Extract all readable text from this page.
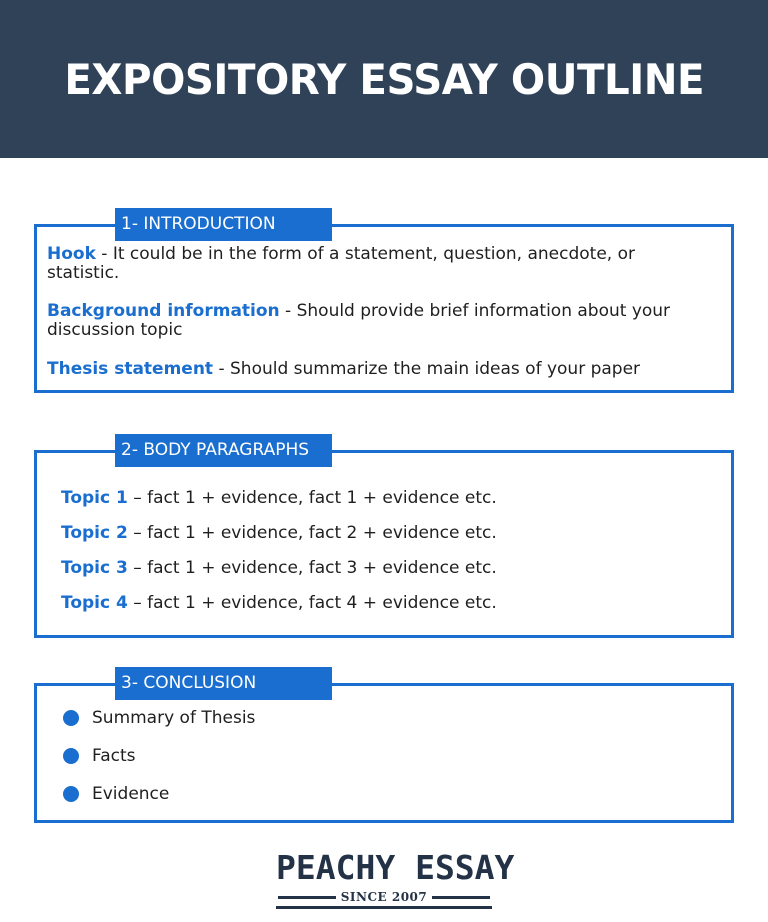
EXPOSITORY ESSAY OUTLINE
1- INTRODUCTION
Hook - It could be in the form of a statement, question, anecdote, or statistic.
Background information - Should provide brief information about your discussion topic
Thesis statement - Should summarize the main ideas of your paper
2- BODY PARAGRAPHS
Topic 1 – fact 1 + evidence, fact 1 + evidence etc.
Topic 2 – fact 1 + evidence, fact 2 + evidence etc.
Topic 3 – fact 1 + evidence, fact 3 + evidence etc.
Topic 4 – fact 1 + evidence, fact 4 + evidence etc.
3- CONCLUSION
Summary of Thesis
Facts
Evidence
PEACHY ESSAY
SINCE 2007
